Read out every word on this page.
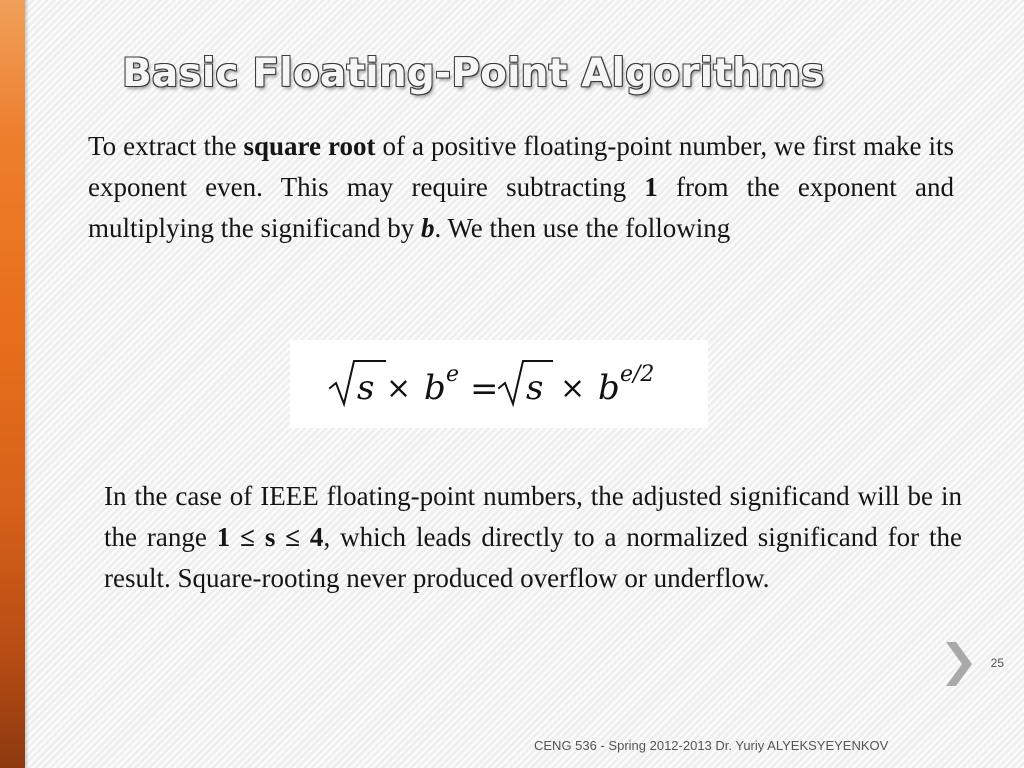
Basic Floating-Point Algorithms

To extract the square root of a positive floating-point number, we first make its exponent even. This may require subtracting 1 from the exponent and multiplying the significand by b. We then use the following

s × b e = s × b e/2

In the case of IEEE floating-point numbers, the adjusted significand will be in the range 1 ≤ s ≤ 4, which leads directly to a normalized significand for the result. Square-rooting never produced overflow or underflow.

25
CENG 536 - Spring 2012-2013 Dr. Yuriy ALYEKSYEYENKOV
